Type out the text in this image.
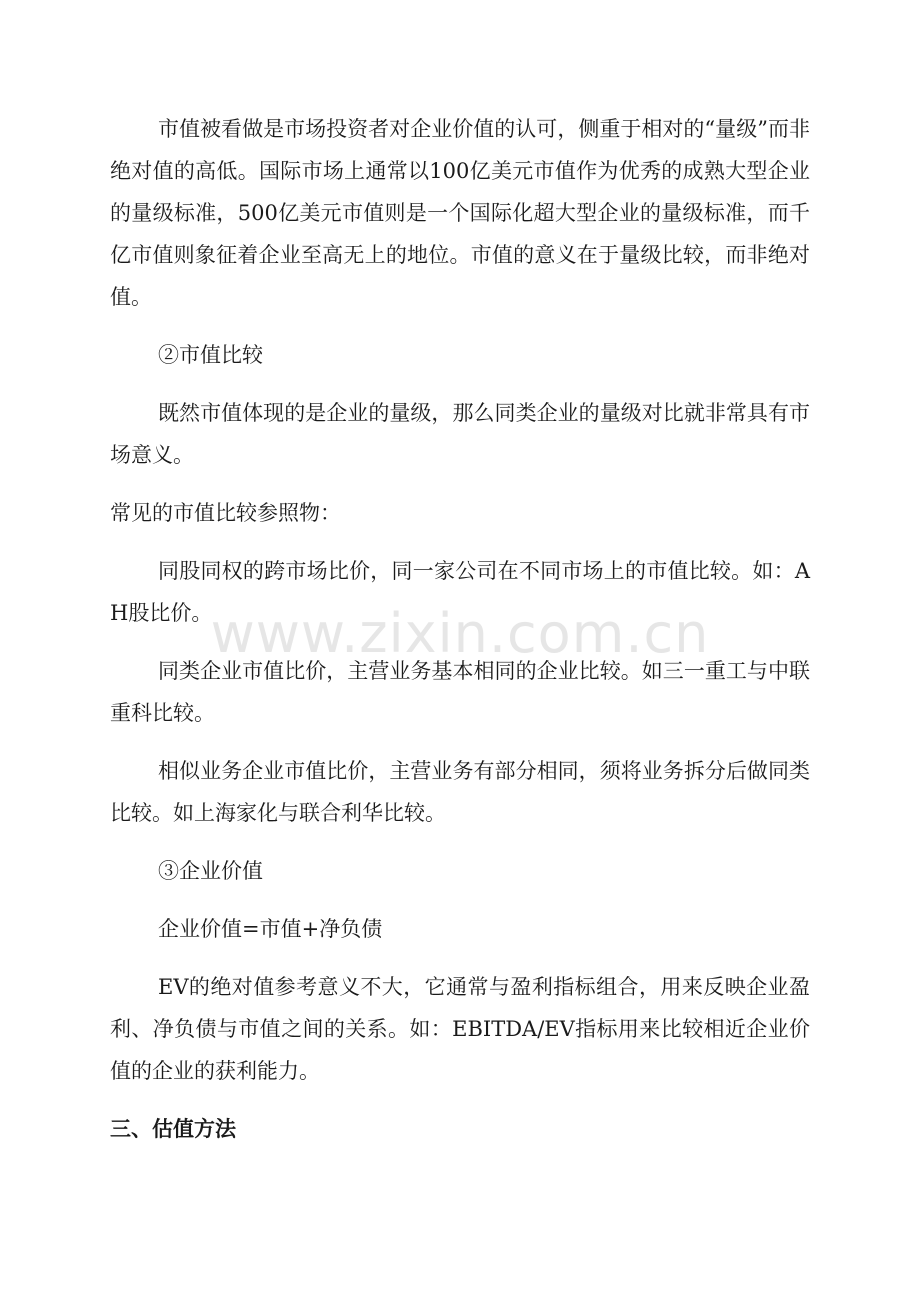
市值被看做是市场投资者对企业价值的认可，侧重于相对的“量级”而非绝对值的高低。国际市场上通常以100亿美元市值作为优秀的成熟大型企业的量级标准，500亿美元市值则是一个国际化超大型企业的量级标准，而千亿市值则象征着企业至高无上的地位。市值的意义在于量级比较，而非绝对值。

②市值比较

既然市值体现的是企业的量级，那么同类企业的量级对比就非常具有市场意义。

常见的市值比较参照物：

同股同权的跨市场比价，同一家公司在不同市场上的市值比较。如：AH股比价。

同类企业市值比价，主营业务基本相同的企业比较。如三一重工与中联重科比较。

相似业务企业市值比价，主营业务有部分相同，须将业务拆分后做同类比较。如上海家化与联合利华比较。

③企业价值

企业价值=市值+净负债

EV的绝对值参考意义不大，它通常与盈利指标组合，用来反映企业盈利、净负债与市值之间的关系。如：EBITDA/EV指标用来比较相近企业价值的企业的获利能力。

三、估值方法
www.zixin.com.cn
